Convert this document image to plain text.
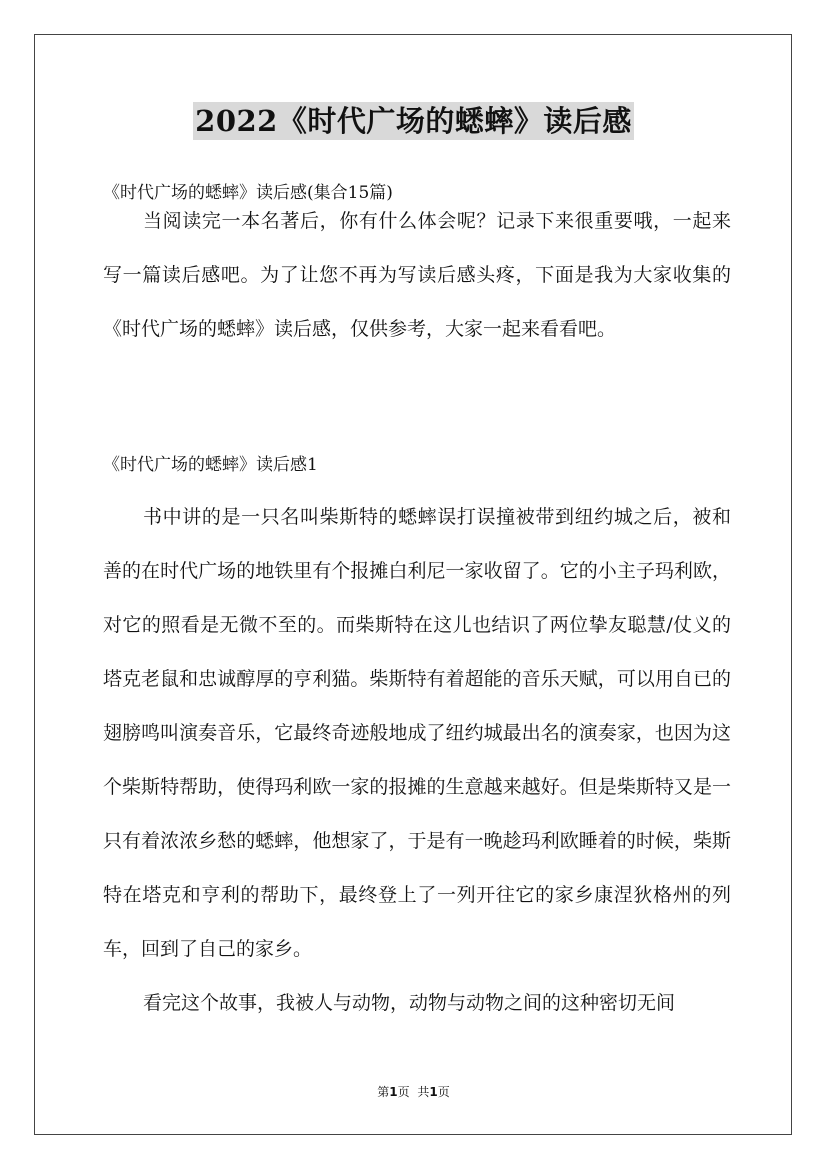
2022《时代广场的蟋蟀》读后感
《时代广场的蟋蟀》读后感(集合15篇)

当阅读完一本名著后，你有什么体会呢？记录下来很重要哦，一起来写一篇读后感吧。为了让您不再为写读后感头疼，下面是我为大家收集的《时代广场的蟋蟀》读后感，仅供参考，大家一起来看看吧。

《时代广场的蟋蟀》读后感1

书中讲的是一只名叫柴斯特的蟋蟀误打误撞被带到纽约城之后，被和善的在时代广场的地铁里有个报摊白利尼一家收留了。它的小主子玛利欧，对它的照看是无微不至的。而柴斯特在这儿也结识了两位挚友聪慧/仗义的塔克老鼠和忠诚醇厚的亨利猫。柴斯特有着超能的音乐天赋，可以用自已的翅膀鸣叫演奏音乐，它最终奇迹般地成了纽约城最出名的演奏家，也因为这个柴斯特帮助，使得玛利欧一家的报摊的生意越来越好。但是柴斯特又是一只有着浓浓乡愁的蟋蟀，他想家了，于是有一晚趁玛利欧睡着的时候，柴斯特在塔克和亨利的帮助下，最终登上了一列开往它的家乡康涅狄格州的列车，回到了自己的家乡。

看完这个故事，我被人与动物，动物与动物之间的这种密切无间

第1页 共1页
